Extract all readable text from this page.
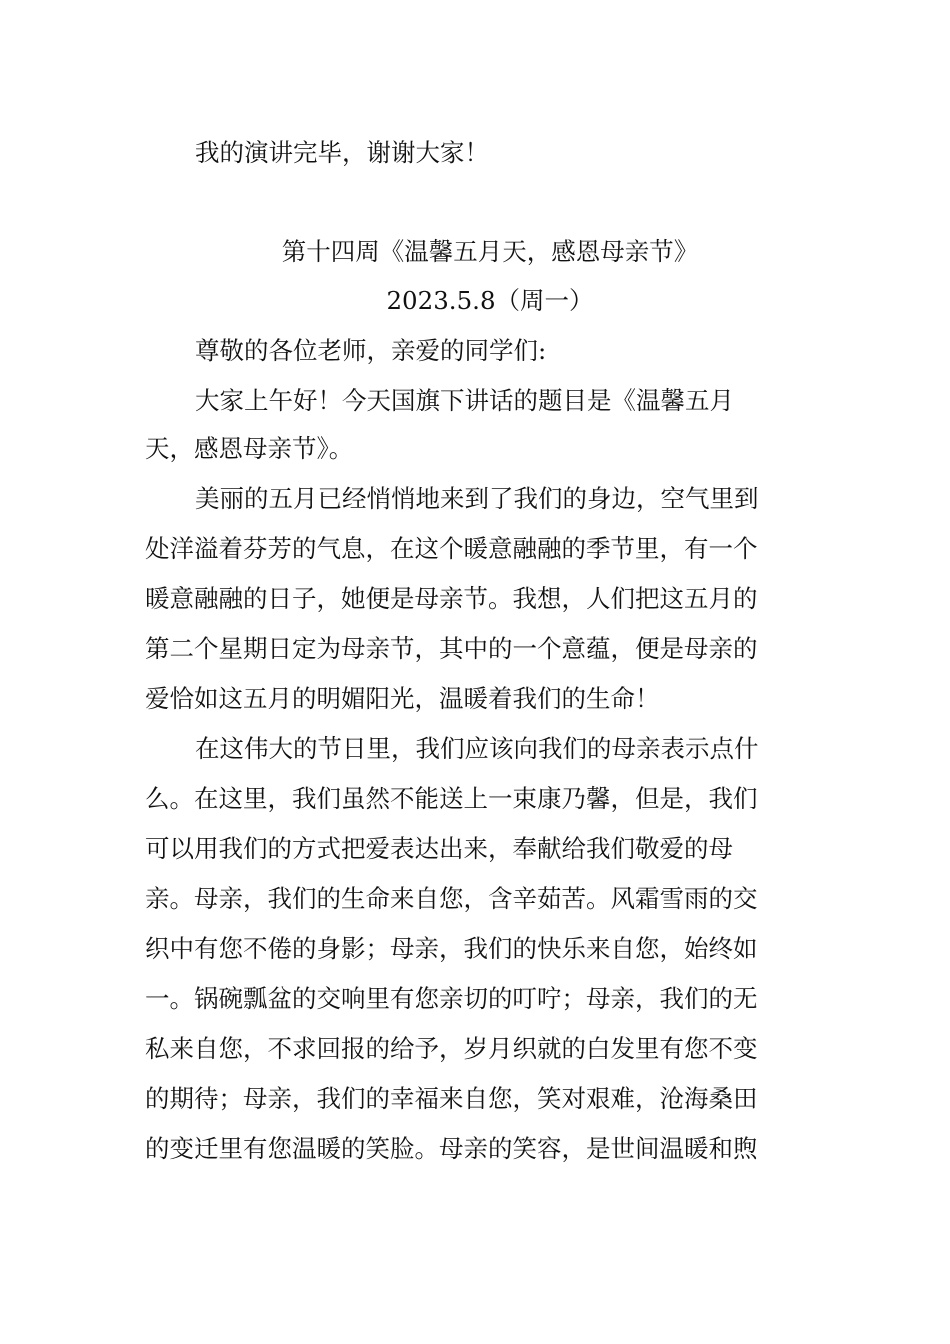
我的演讲完毕，谢谢大家！
第十四周《温馨五月天，感恩母亲节》
2023.5.8（周一）
尊敬的各位老师，亲爱的同学们:
大家上午好！今天国旗下讲话的题目是《温馨五月
天，感恩母亲节》。
美丽的五月已经悄悄地来到了我们的身边，空气里到
处洋溢着芬芳的气息，在这个暖意融融的季节里，有一个
暖意融融的日子，她便是母亲节。我想，人们把这五月的
第二个星期日定为母亲节，其中的一个意蕴，便是母亲的
爱恰如这五月的明媚阳光，温暖着我们的生命！
在这伟大的节日里，我们应该向我们的母亲表示点什
么。在这里，我们虽然不能送上一束康乃馨，但是，我们
可以用我们的方式把爱表达出来，奉献给我们敬爱的母
亲。母亲，我们的生命来自您，含辛茹苦。风霜雪雨的交
织中有您不倦的身影；母亲，我们的快乐来自您，始终如
一。锅碗瓢盆的交响里有您亲切的叮咛；母亲，我们的无
私来自您，不求回报的给予，岁月织就的白发里有您不变
的期待；母亲，我们的幸福来自您，笑对艰难，沧海桑田
的变迁里有您温暖的笑脸。母亲的笑容，是世间温暖和煦
